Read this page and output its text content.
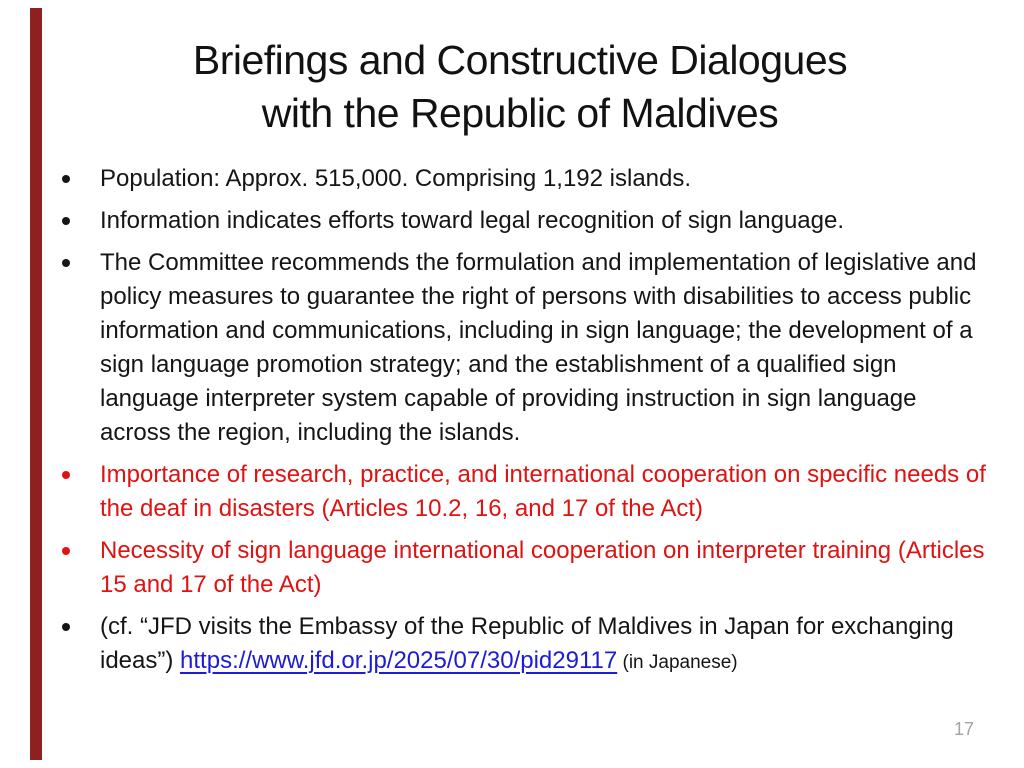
Briefings and Constructive Dialogues
with the Republic of Maldives
Population: Approx. 515,000. Comprising 1,192 islands.
Information indicates efforts toward legal recognition of sign language.
The Committee recommends the formulation and implementation of legislative and policy measures to guarantee the right of persons with disabilities to access public information and communications, including in sign language; the development of a sign language promotion strategy; and the establishment of a qualified sign language interpreter system capable of providing instruction in sign language across the region, including the islands.
Importance of research, practice, and international cooperation on specific needs of the deaf in disasters (Articles 10.2, 16, and 17 of the Act)
Necessity of sign language international cooperation on interpreter training (Articles 15 and 17 of the Act)
(cf. “JFD visits the Embassy of the Republic of Maldives in Japan for exchanging ideas”) https://www.jfd.or.jp/2025/07/30/pid29117 (in Japanese)
17
